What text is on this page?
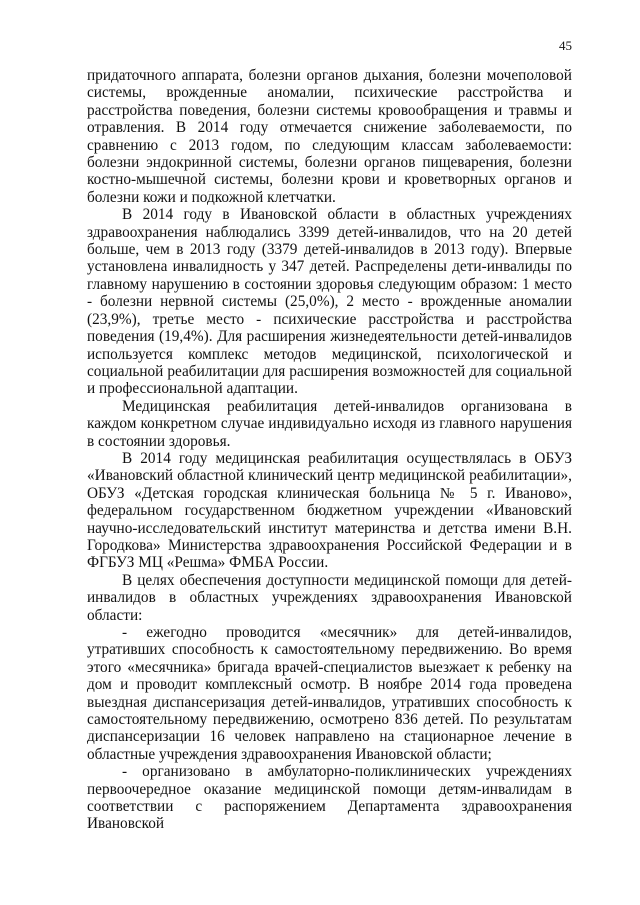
45

придаточного аппарата, болезни органов дыхания, болезни мочеполовой системы, врожденные аномалии, психические расстройства и расстройства поведения, болезни системы кровообращения и травмы и отравления. В 2014 году отмечается снижение заболеваемости, по сравнению с 2013 годом, по следующим классам заболеваемости: болезни эндокринной системы, болезни органов пищеварения, болезни костно-мышечной системы, болезни крови и кроветворных органов и болезни кожи и подкожной клетчатки.

В 2014 году в Ивановской области в областных учреждениях здравоохранения наблюдались 3399 детей-инвалидов, что на 20 детей больше, чем в 2013 году (3379 детей-инвалидов в 2013 году). Впервые установлена инвалидность у 347 детей. Распределены дети-инвалиды по главному нарушению в состоянии здоровья следующим образом: 1 место - болезни нервной системы (25,0%), 2 место - врожденные аномалии (23,9%), третье место - психические расстройства и расстройства поведения (19,4%). Для расширения жизнедеятельности детей-инвалидов используется комплекс методов медицинской, психологической и социальной реабилитации для расширения возможностей для социальной и профессиональной адаптации.

Медицинская реабилитация детей-инвалидов организована в каждом конкретном случае индивидуально исходя из главного нарушения в состоянии здоровья.

В 2014 году медицинская реабилитация осуществлялась в ОБУЗ «Ивановский областной клинический центр медицинской реабилитации», ОБУЗ «Детская городская клиническая больница № 5 г. Иваново», федеральном государственном бюджетном учреждении «Ивановский научно-исследовательский институт материнства и детства имени В.Н. Городкова» Министерства здравоохранения Российской Федерации и в ФГБУЗ МЦ «Решма» ФМБА России.

В целях обеспечения доступности медицинской помощи для детей-инвалидов в областных учреждениях здравоохранения Ивановской области:

- ежегодно проводится «месячник» для детей-инвалидов, утративших способность к самостоятельному передвижению. Во время этого «месячника» бригада врачей-специалистов выезжает к ребенку на дом и проводит комплексный осмотр. В ноябре 2014 года проведена выездная диспансеризация детей-инвалидов, утративших способность к самостоятельному передвижению, осмотрено 836 детей. По результатам диспансеризации 16 человек направлено на стационарное лечение в областные учреждения здравоохранения Ивановской области;

- организовано в амбулаторно-поликлинических учреждениях первоочередное оказание медицинской помощи детям-инвалидам в соответствии с распоряжением Департамента здравоохранения Ивановской
